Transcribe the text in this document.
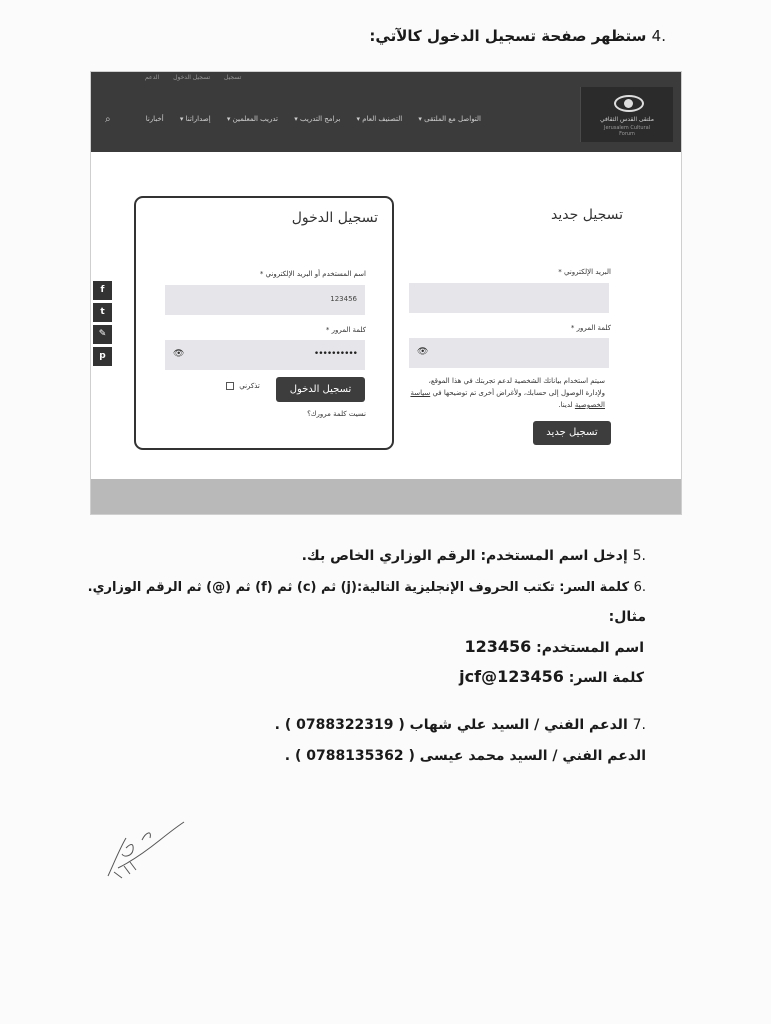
.4 ستظهر صفحة تسجيل الدخول كالآتي:
تسجيل تسجيل الدخول الدعم
ملتقى القدس الثقافي
Jerusalem Cultural
Forum
التواصل مع الملتقى ▾ التصنيف العام ▾ برامج التدريب ▾ تدريب المعلمين ▾ إصداراتنا ▾ أخبارنا
⌕
f
t
✎
p
تسجيل الدخول
اسم المستخدم أو البريد الإلكتروني *
123456
كلمة المرور *
••••••••••
👁
تسجيل الدخول
تذكرني
نسيت كلمة مرورك؟
تسجيل جديد
البريد الإلكتروني *
كلمة المرور *
👁
سيتم استخدام بياناتك الشخصية لدعم تجربتك في هذا الموقع، ولإدارة الوصول إلى حسابك، ولأغراض أخرى تم توضيحها في سياسة الخصوصية لدينا.
تسجيل جديد
.5 إدخل اسم المستخدم: الرقم الوزاري الخاص بك.
.6 كلمة السر: تكتب الحروف الإنجليزية التالية:(j) ثم (c) ثم (f) ثم (@) ثم الرقم الوزاري.
مثال:
اسم المستخدم: 123456
كلمة السر: jcf@123456
.7 الدعم الفني / السيد علي شهاب ( 0788322319 ) .
الدعم الفني / السيد محمد عيسى ( 0788135362 ) .
